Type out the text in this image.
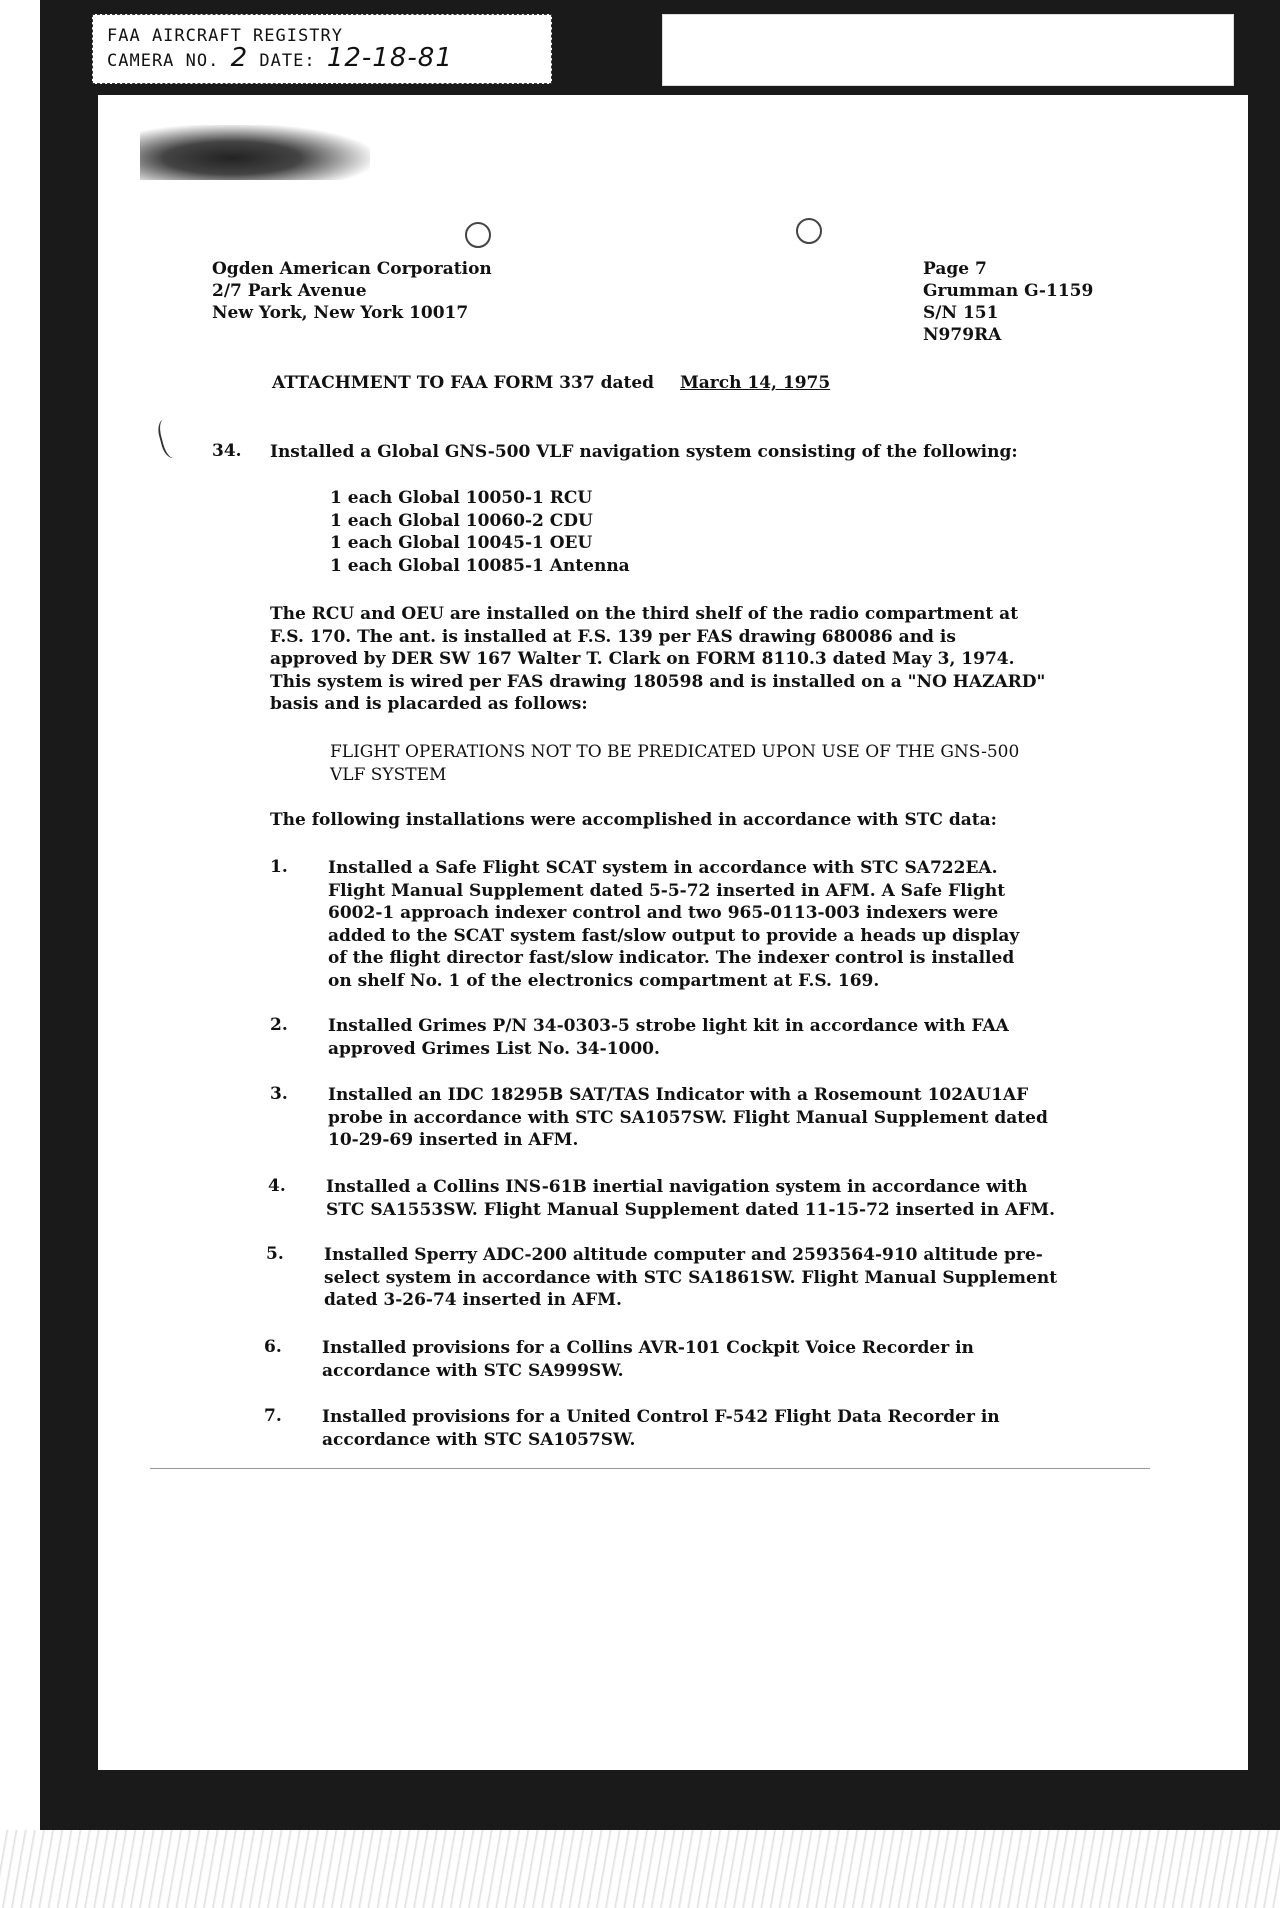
FAA AIRCRAFT REGISTRY
CAMERA NO. 2 DATE: 12-18-81
Ogden American Corporation
2/7 Park Avenue
New York, New York 10017
Page 7
Grumman G-1159
S/N 151
N979RA
ATTACHMENT TO FAA FORM 337 dated March 14, 1975
34. Installed a Global GNS-500 VLF navigation system consisting of the following:
1 each Global 10050-1 RCU
1 each Global 10060-2 CDU
1 each Global 10045-1 OEU
1 each Global 10085-1 Antenna
The RCU and OEU are installed on the third shelf of the radio compartment at
F.S. 170. The ant. is installed at F.S. 139 per FAS drawing 680086 and is
approved by DER SW 167 Walter T. Clark on FORM 8110.3 dated May 3, 1974.
This system is wired per FAS drawing 180598 and is installed on a "NO HAZARD"
basis and is placarded as follows:
FLIGHT OPERATIONS NOT TO BE PREDICATED UPON USE OF THE GNS-500
VLF SYSTEM
The following installations were accomplished in accordance with STC data:
1. Installed a Safe Flight SCAT system in accordance with STC SA722EA.
Flight Manual Supplement dated 5-5-72 inserted in AFM. A Safe Flight
6002-1 approach indexer control and two 965-0113-003 indexers were
added to the SCAT system fast/slow output to provide a heads up display
of the flight director fast/slow indicator. The indexer control is installed
on shelf No. 1 of the electronics compartment at F.S. 169.
2. Installed Grimes P/N 34-0303-5 strobe light kit in accordance with FAA
approved Grimes List No. 34-1000.
3. Installed an IDC 18295B SAT/TAS Indicator with a Rosemount 102AU1AF
probe in accordance with STC SA1057SW. Flight Manual Supplement dated
10-29-69 inserted in AFM.
4. Installed a Collins INS-61B inertial navigation system in accordance with
STC SA1553SW. Flight Manual Supplement dated 11-15-72 inserted in AFM.
5. Installed Sperry ADC-200 altitude computer and 2593564-910 altitude pre-
select system in accordance with STC SA1861SW. Flight Manual Supplement
dated 3-26-74 inserted in AFM.
6. Installed provisions for a Collins AVR-101 Cockpit Voice Recorder in
accordance with STC SA999SW.
7. Installed provisions for a United Control F-542 Flight Data Recorder in
accordance with STC SA1057SW.
